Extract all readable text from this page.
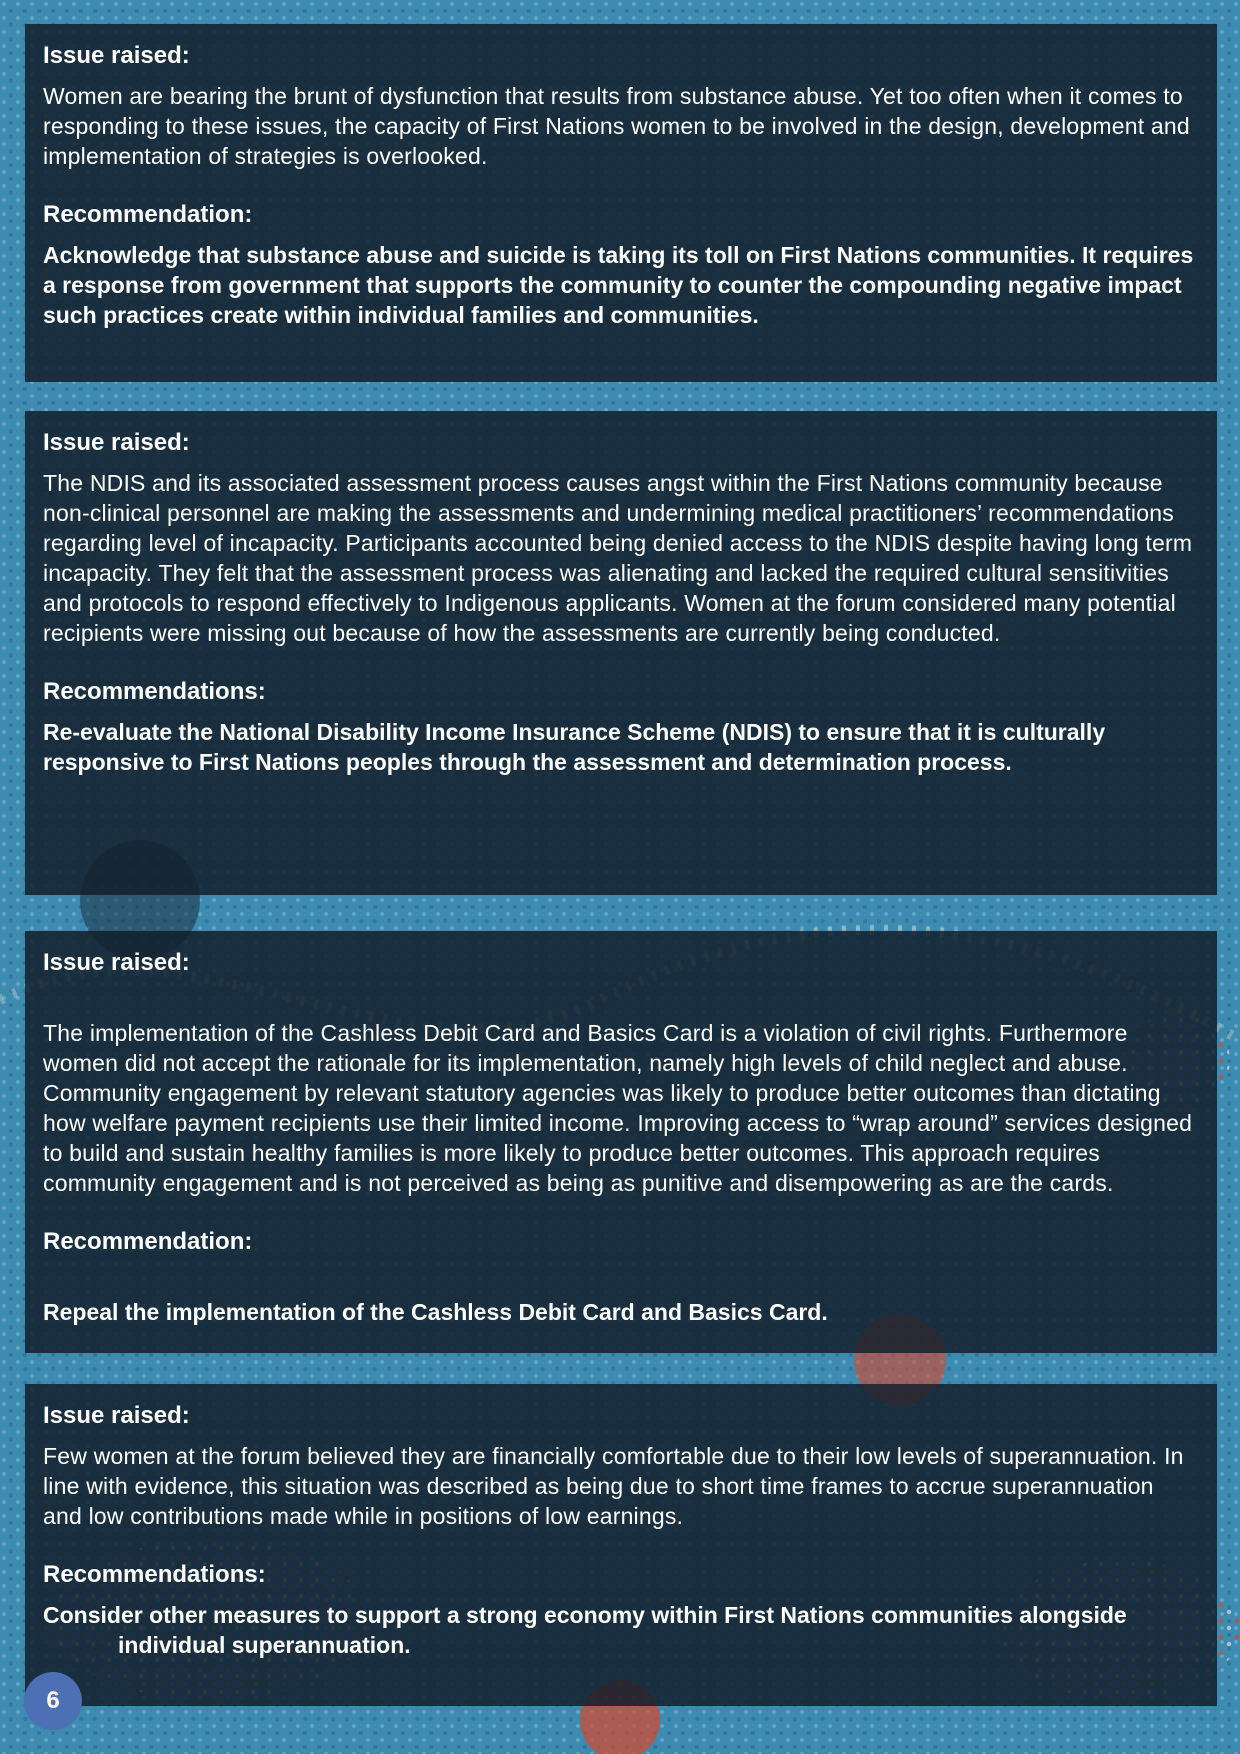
Issue raised:

Women are bearing the brunt of dysfunction that results from substance abuse. Yet too often when it comes to responding to these issues, the capacity of First Nations women to be involved in the design, development and implementation of strategies is overlooked.

Recommendation:

Acknowledge that substance abuse and suicide is taking its toll on First Nations communities. It requires a response from government that supports the community to counter the compounding negative impact such practices create within individual families and communities.

Issue raised:

The NDIS and its associated assessment process causes angst within the First Nations community because non-clinical personnel are making the assessments and undermining medical practitioners’ recommendations regarding level of incapacity. Participants accounted being denied access to the NDIS despite having long term incapacity. They felt that the assessment process was alienating and lacked the required cultural sensitivities and protocols to respond effectively to Indigenous applicants. Women at the forum considered many potential recipients were missing out because of how the assessments are currently being conducted.

Recommendations:

Re-evaluate the National Disability Income Insurance Scheme (NDIS) to ensure that it is culturally responsive to First Nations peoples through the assessment and determination process.

Issue raised:

The implementation of the Cashless Debit Card and Basics Card is a violation of civil rights. Furthermore women did not accept the rationale for its implementation, namely high levels of child neglect and abuse. Community engagement by relevant statutory agencies was likely to produce better outcomes than dictating how welfare payment recipients use their limited income. Improving access to “wrap around” services designed to build and sustain healthy families is more likely to produce better outcomes. This approach requires community engagement and is not perceived as being as punitive and disempowering as are the cards.

Recommendation:

Repeal the implementation of the Cashless Debit Card and Basics Card.

Issue raised:

Few women at the forum believed they are financially comfortable due to their low levels of superannuation. In line with evidence, this situation was described as being due to short time frames to accrue superannuation and low contributions made while in positions of low earnings.

Recommendations:

Consider other measures to support a strong economy within First Nations communities alongside individual superannuation.

6
